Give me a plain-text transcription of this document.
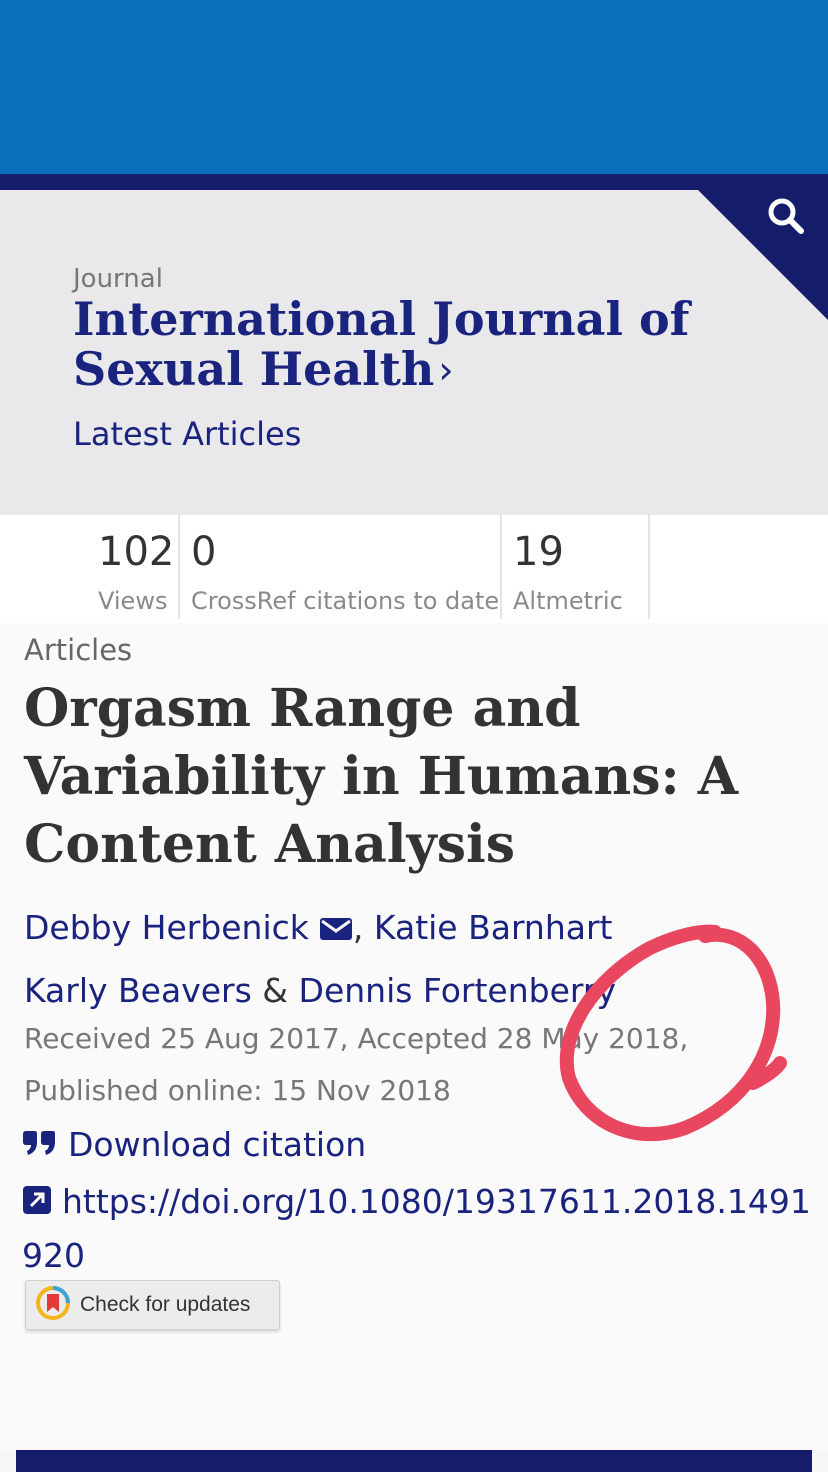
Journal
International Journal of Sexual Health ›
Latest Articles
102
Views
0
CrossRef citations to date
19
Altmetric
Articles
Orgasm Range and Variability in Humans: A Content Analysis
Debby Herbenick , Katie Barnhart
Karly Beavers & Dennis Fortenberry
Received 25 Aug 2017, Accepted 28 May 2018,
Published online: 15 Nov 2018
Download citation
https://doi.org/10.1080/19317611.2018.1491920
Check for updates
